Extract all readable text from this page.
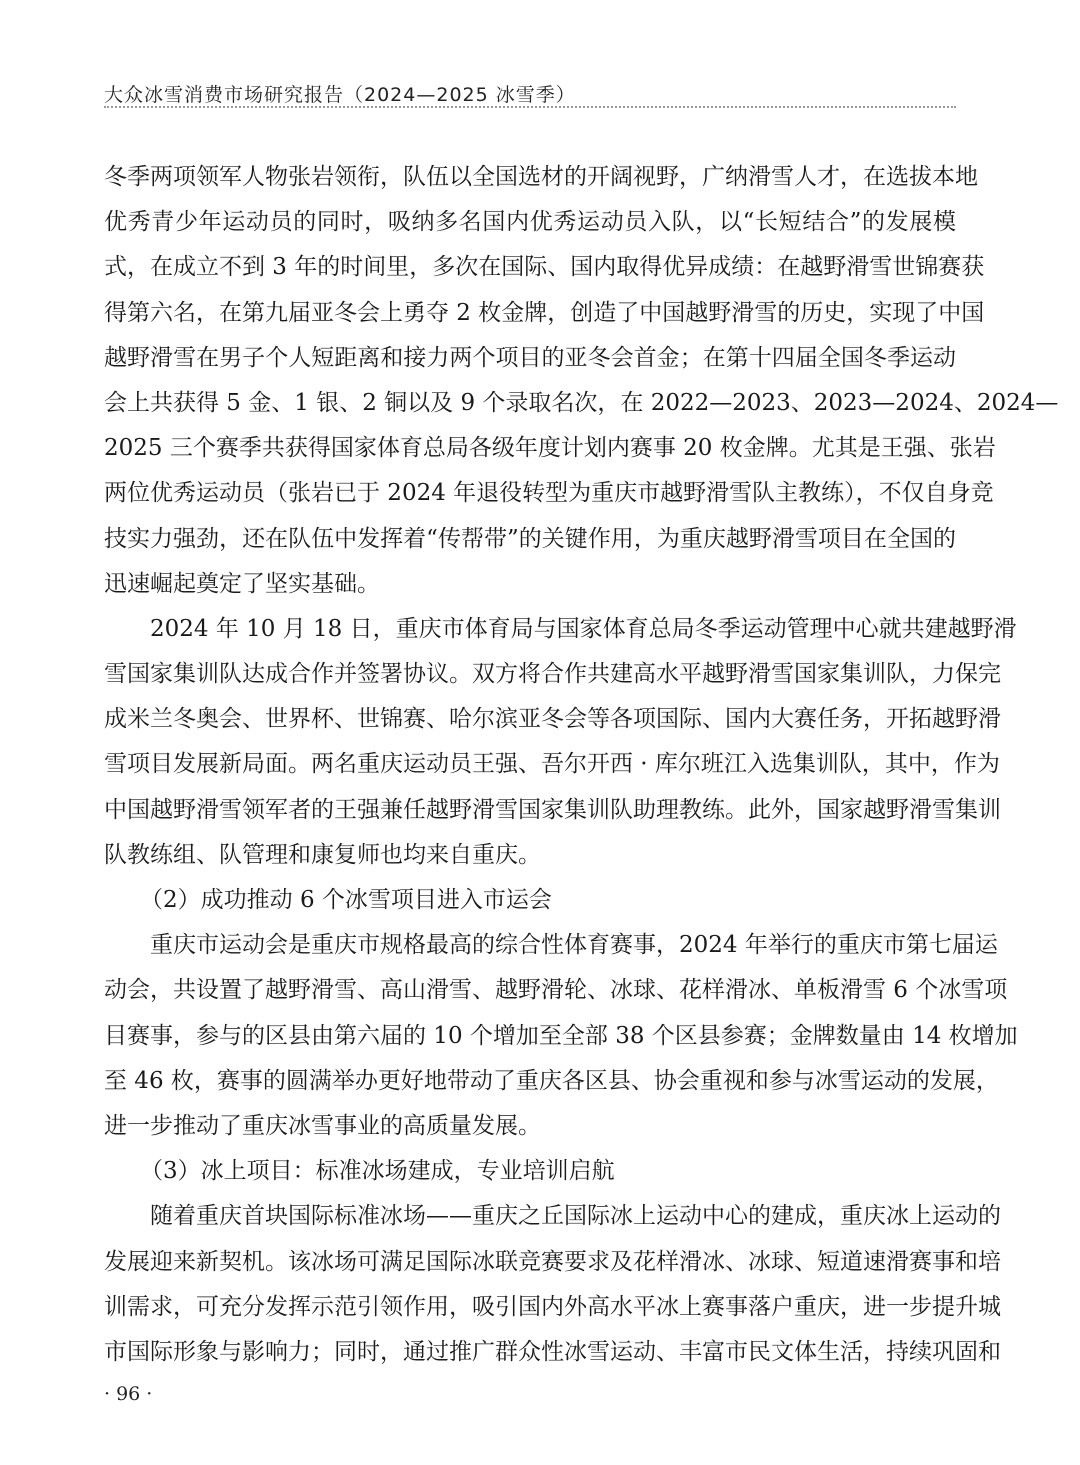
大众冰雪消费市场研究报告（2024—2025 冰雪季）
冬季两项领军人物张岩领衔，队伍以全国选材的开阔视野，广纳滑雪人才，在选拔本地
优秀青少年运动员的同时，吸纳多名国内优秀运动员入队，以“长短结合”的发展模
式，在成立不到 3 年的时间里，多次在国际、国内取得优异成绩：在越野滑雪世锦赛获
得第六名，在第九届亚冬会上勇夺 2 枚金牌，创造了中国越野滑雪的历史，实现了中国
越野滑雪在男子个人短距离和接力两个项目的亚冬会首金；在第十四届全国冬季运动
会上共获得 5 金、1 银、2 铜以及 9 个录取名次，在 2022—2023、2023—2024、2024—
2025 三个赛季共获得国家体育总局各级年度计划内赛事 20 枚金牌。尤其是王强、张岩
两位优秀运动员（张岩已于 2024 年退役转型为重庆市越野滑雪队主教练），不仅自身竞
技实力强劲，还在队伍中发挥着“传帮带”的关键作用，为重庆越野滑雪项目在全国的
迅速崛起奠定了坚实基础。
2024 年 10 月 18 日，重庆市体育局与国家体育总局冬季运动管理中心就共建越野滑
雪国家集训队达成合作并签署协议。双方将合作共建高水平越野滑雪国家集训队，力保完
成米兰冬奥会、世界杯、世锦赛、哈尔滨亚冬会等各项国际、国内大赛任务，开拓越野滑
雪项目发展新局面。两名重庆运动员王强、吾尔开西 · 库尔班江入选集训队，其中，作为
中国越野滑雪领军者的王强兼任越野滑雪国家集训队助理教练。此外，国家越野滑雪集训
队教练组、队管理和康复师也均来自重庆。
（2）成功推动 6 个冰雪项目进入市运会
重庆市运动会是重庆市规格最高的综合性体育赛事，2024 年举行的重庆市第七届运
动会，共设置了越野滑雪、高山滑雪、越野滑轮、冰球、花样滑冰、单板滑雪 6 个冰雪项
目赛事，参与的区县由第六届的 10 个增加至全部 38 个区县参赛；金牌数量由 14 枚增加
至 46 枚，赛事的圆满举办更好地带动了重庆各区县、协会重视和参与冰雪运动的发展，
进一步推动了重庆冰雪事业的高质量发展。
（3）冰上项目：标准冰场建成，专业培训启航
随着重庆首块国际标准冰场——重庆之丘国际冰上运动中心的建成，重庆冰上运动的
发展迎来新契机。该冰场可满足国际冰联竞赛要求及花样滑冰、冰球、短道速滑赛事和培
训需求，可充分发挥示范引领作用，吸引国内外高水平冰上赛事落户重庆，进一步提升城
市国际形象与影响力；同时，通过推广群众性冰雪运动、丰富市民文体生活，持续巩固和
· 96 ·
